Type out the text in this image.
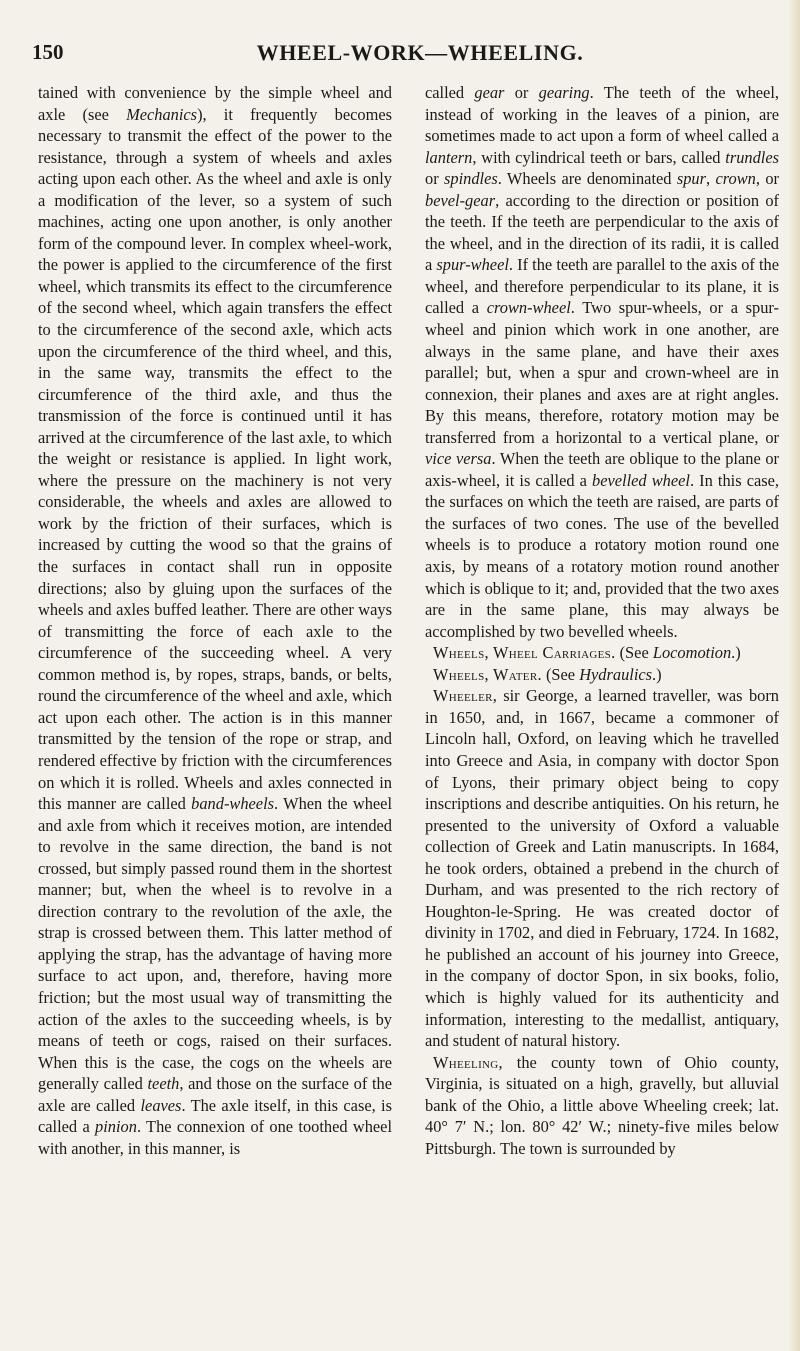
150	WHEEL-WORK—WHEELING.

tained with convenience by the simple wheel and axle (see Mechanics), it frequently becomes necessary to transmit the effect of the power to the resistance, through a system of wheels and axles acting upon each other. As the wheel and axle is only a modification of the lever, so a system of such machines, acting one upon another, is only another form of the compound lever. In complex wheel-work, the power is applied to the circumference of the first wheel, which transmits its effect to the circumference of the second wheel, which again transfers the effect to the circumference of the second axle, which acts upon the circumference of the third wheel, and this, in the same way, transmits the effect to the circumference of the third axle, and thus the transmission of the force is continued until it has arrived at the circumference of the last axle, to which the weight or resistance is applied. In light work, where the pressure on the machinery is not very considerable, the wheels and axles are allowed to work by the friction of their surfaces, which is increased by cutting the wood so that the grains of the surfaces in contact shall run in opposite directions; also by gluing upon the surfaces of the wheels and axles buffed leather. There are other ways of transmitting the force of each axle to the circumference of the succeeding wheel. A very common method is, by ropes, straps, bands, or belts, round the circumference of the wheel and axle, which act upon each other. The action is in this manner transmitted by the tension of the rope or strap, and rendered effective by friction with the circumferences on which it is rolled. Wheels and axles connected in this manner are called band-wheels. When the wheel and axle from which it receives motion, are intended to revolve in the same direction, the band is not crossed, but simply passed round them in the shortest manner; but, when the wheel is to revolve in a direction contrary to the revolution of the axle, the strap is crossed between them. This latter method of applying the strap, has the advantage of having more surface to act upon, and, therefore, having more friction; but the most usual way of transmitting the action of the axles to the succeeding wheels, is by means of teeth or cogs, raised on their surfaces. When this is the case, the cogs on the wheels are generally called teeth, and those on the surface of the axle are called leaves. The axle itself, in this case, is called a pinion. The connexion of one toothed wheel with another, in this manner, is

called gear or gearing. The teeth of the wheel, instead of working in the leaves of a pinion, are sometimes made to act upon a form of wheel called a lantern, with cylindrical teeth or bars, called trundles or spindles. Wheels are denominated spur, crown, or bevel-gear, according to the direction or position of the teeth. If the teeth are perpendicular to the axis of the wheel, and in the direction of its radii, it is called a spur-wheel. If the teeth are parallel to the axis of the wheel, and therefore perpendicular to its plane, it is called a crown-wheel. Two spur-wheels, or a spur-wheel and pinion which work in one another, are always in the same plane, and have their axes parallel; but, when a spur and crown-wheel are in connexion, their planes and axes are at right angles. By this means, therefore, rotatory motion may be transferred from a horizontal to a vertical plane, or vice versa. When the teeth are oblique to the plane or axis-wheel, it is called a bevelled wheel. In this case, the surfaces on which the teeth are raised, are parts of the surfaces of two cones. The use of the bevelled wheels is to produce a rotatory motion round one axis, by means of a rotatory motion round another which is oblique to it; and, provided that the two axes are in the same plane, this may always be accomplished by two bevelled wheels.

Wheels, Wheel Carriages. (See Locomotion.)

Wheels, Water. (See Hydraulics.)

Wheeler, sir George, a learned traveller, was born in 1650, and, in 1667, became a commoner of Lincoln hall, Oxford, on leaving which he travelled into Greece and Asia, in company with doctor Spon of Lyons, their primary object being to copy inscriptions and describe antiquities. On his return, he presented to the university of Oxford a valuable collection of Greek and Latin manuscripts. In 1684, he took orders, obtained a prebend in the church of Durham, and was presented to the rich rectory of Houghton-le-Spring. He was created doctor of divinity in 1702, and died in February, 1724. In 1682, he published an account of his journey into Greece, in the company of doctor Spon, in six books, folio, which is highly valued for its authenticity and information, interesting to the medallist, antiquary, and student of natural history.

Wheeling, the county town of Ohio county, Virginia, is situated on a high, gravelly, but alluvial bank of the Ohio, a little above Wheeling creek; lat. 40° 7′ N.; lon. 80° 42′ W.; ninety-five miles below Pittsburgh. The town is surrounded by
